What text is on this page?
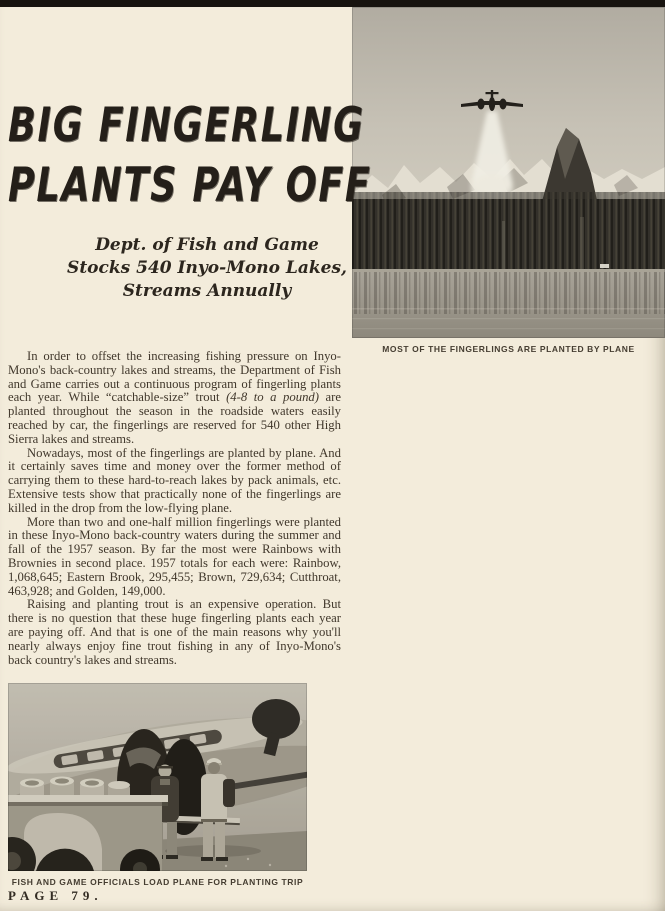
MOST OF THE FINGERLINGS ARE PLANTED BY PLANE
BIG FINGERLING
PLANTS PAY OFF
Dept. of Fish and Game
Stocks 540 Inyo-Mono Lakes,
Streams Annually

In order to offset the increasing fishing pressure on Inyo-Mono's back-country lakes and streams, the Department of Fish and Game carries out a continuous program of fingerling plants each year. While “catchable-size” trout (4-8 to a pound) are planted throughout the season in the roadside waters easily reached by car, the fingerlings are reserved for 540 other High Sierra lakes and streams.

Nowadays, most of the fingerlings are planted by plane. And it certainly saves time and money over the former method of carrying them to these hard-to-reach lakes by pack animals, etc. Extensive tests show that practically none of the fingerlings are killed in the drop from the low-flying plane.

More than two and one-half million fingerlings were planted in these Inyo-Mono back-country waters during the summer and fall of the 1957 season. By far the most were Rainbows with Brownies in second place. 1957 totals for each were: Rainbow, 1,068,645; Eastern Brook, 295,455; Brown, 729,634; Cutthroat, 463,928; and Golden, 149,000.

Raising and planting trout is an expensive operation. But there is no question that these huge fingerling plants each year are paying off. And that is one of the main reasons why you'll nearly always enjoy fine trout fishing in any of Inyo-Mono's back country's lakes and streams.

FISH AND GAME OFFICIALS LOAD PLANE FOR PLANTING TRIP
PAGE 79.
